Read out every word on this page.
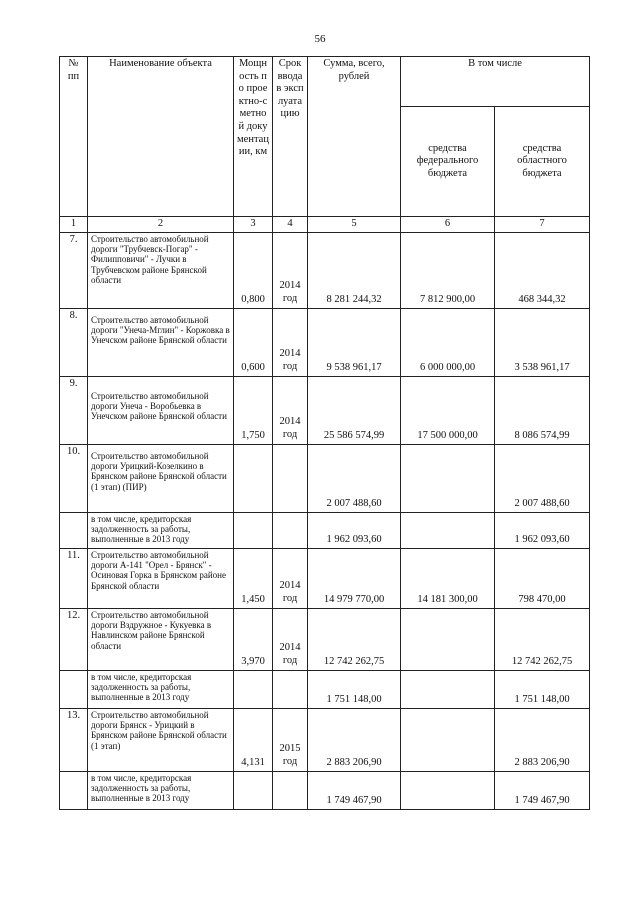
56
№ пп	Наименование объекта	Мощность по проектно-сметной документации, км	Срок ввода в эксплуатацию	Сумма, всего, рублей	В том числе	
					средства федерального бюджета	средства областного бюджета
1	2	3	4	5	6	7
7.	Строительство автомобильной дороги "Трубчевск-Погар" - Филипповичи" - Лучки в Трубчевском районе Брянской области	0,800	2014 год	8 281 244,32	7 812 900,00	468 344,32
8.	Строительство автомобильной дороги "Унеча-Мглин" - Коржовка в Унечском районе Брянской области	0,600	2014 год	9 538 961,17	6 000 000,00	3 538 961,17
9.	Строительство автомобильной дороги Унеча - Воробьевка в Унечском районе Брянской области	1,750	2014 год	25 586 574,99	17 500 000,00	8 086 574,99
10.	Строительство автомобильной дороги Урицкий-Козелкино в Брянском районе Брянской области (1 этап) (ПИР)			2 007 488,60		2 007 488,60
	в том числе, кредиторская задолженность за работы, выполненные в 2013 году			1 962 093,60		1 962 093,60
11.	Строительство автомобильной дороги А-141 "Орел - Брянск" - Осиновая Горка в Брянском районе Брянской области	1,450	2014 год	14 979 770,00	14 181 300,00	798 470,00
12.	Строительство автомобильной дороги Вздружное - Кукуевка в Навлинском районе Брянской области	3,970	2014 год	12 742 262,75		12 742 262,75
	в том числе, кредиторская задолженность за работы, выполненные в 2013 году			1 751 148,00		1 751 148,00
13.	Строительство автомобильной дороги Брянск - Урицкий в Брянском районе Брянской области (1 этап)	4,131	2015 год	2 883 206,90		2 883 206,90
	в том числе, кредиторская задолженность за работы, выполненные в 2013 году			1 749 467,90		1 749 467,90
